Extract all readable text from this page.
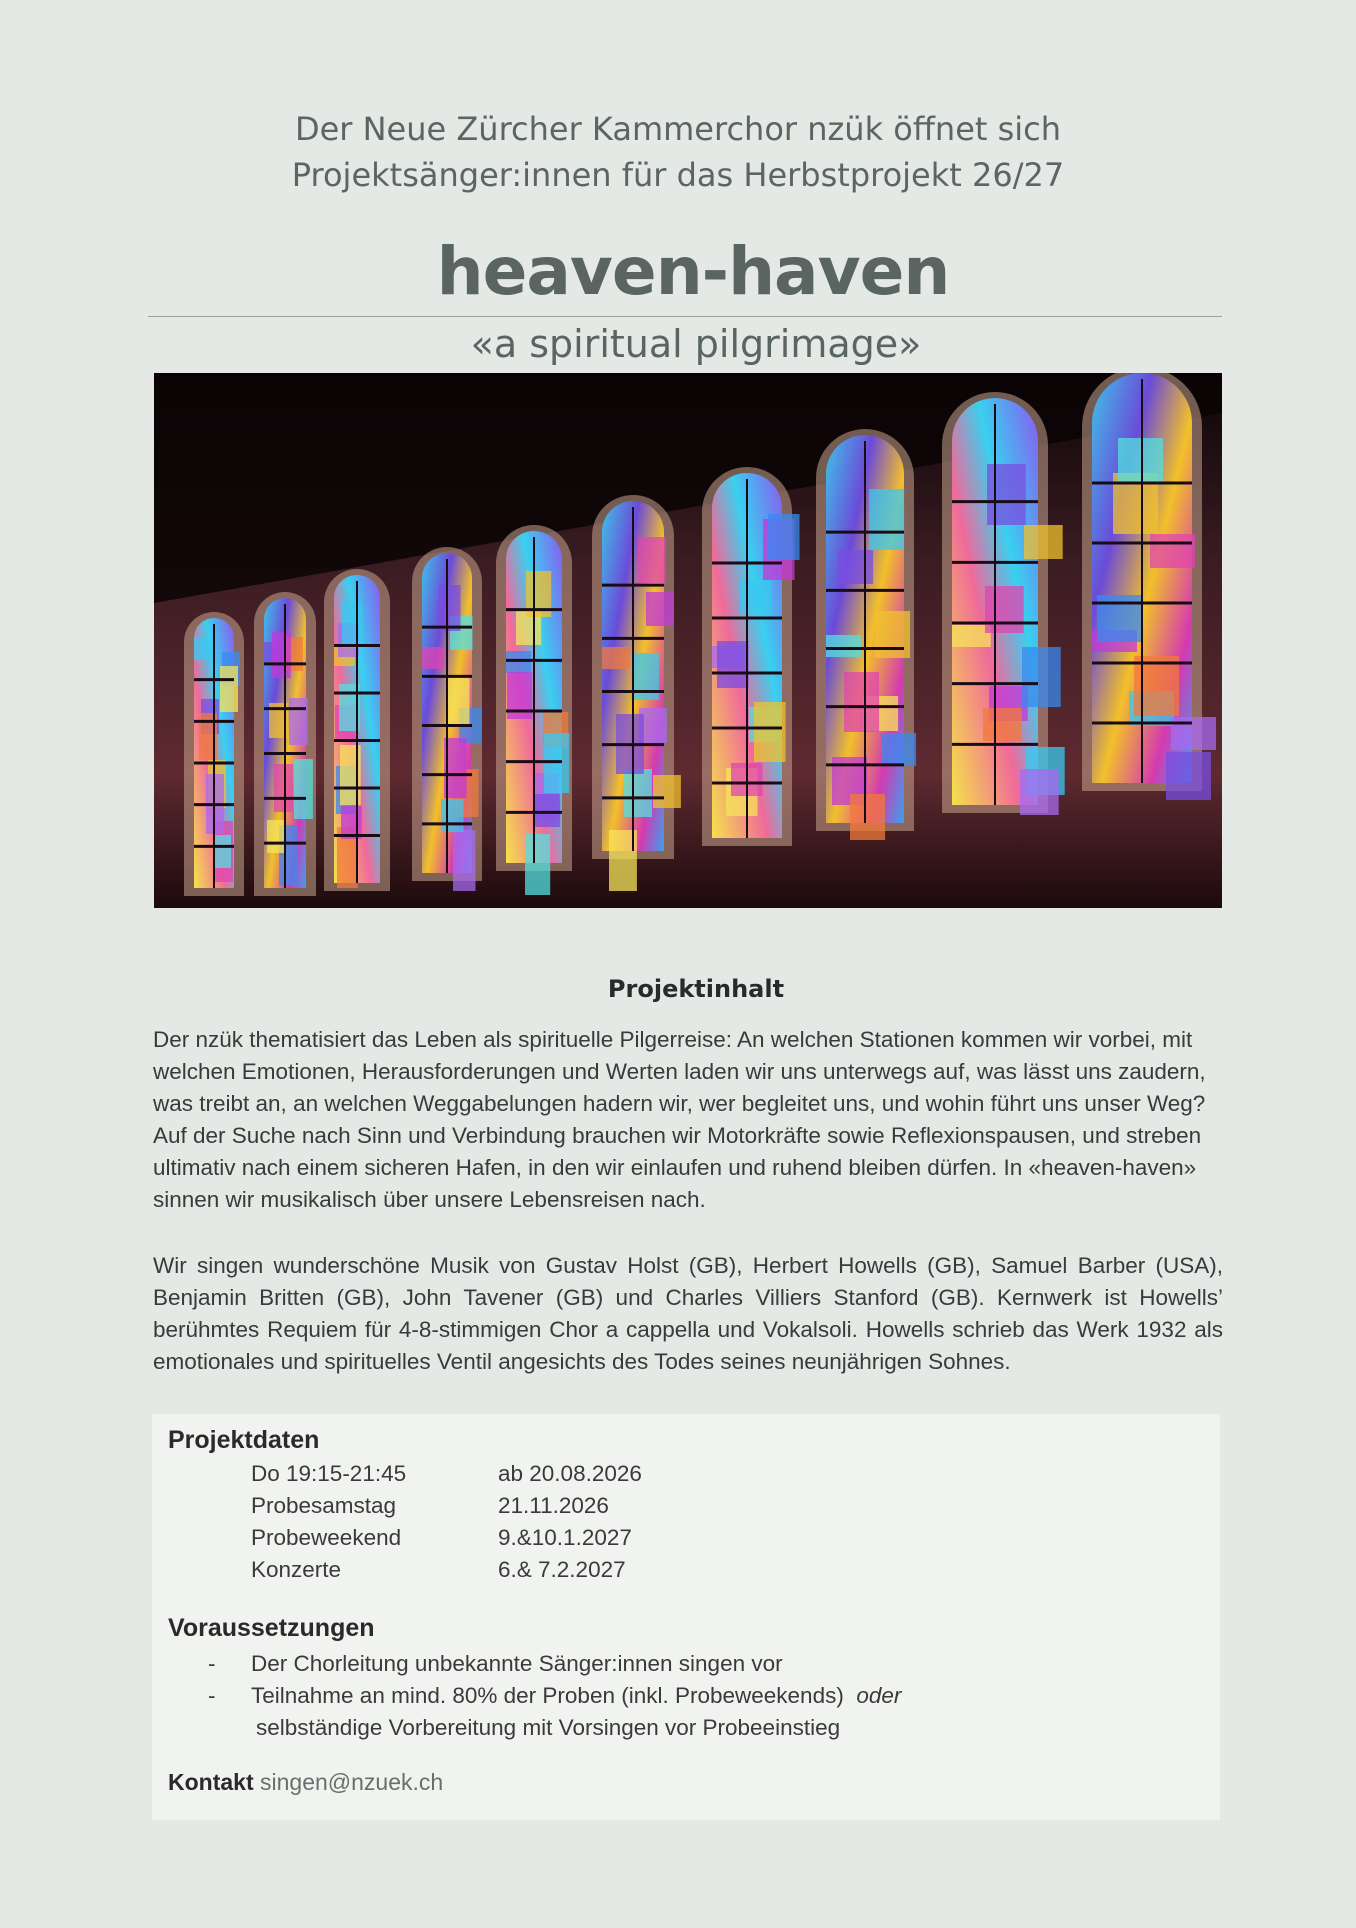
Der Neue Zürcher Kammerchor nzük öffnet sich
Projektsänger:innen für das Herbstprojekt 26/27
heaven-haven
«a spiritual pilgrimage»
Projektinhalt
Der nzük thematisiert das Leben als spirituelle Pilgerreise: An welchen Stationen kommen wir vorbei, mit welchen Emotionen, Herausforderungen und Werten laden wir uns unterwegs auf, was lässt uns zaudern, was treibt an, an welchen Weggabelungen hadern wir, wer begleitet uns, und wohin führt uns unser Weg? Auf der Suche nach Sinn und Verbindung brauchen wir Motorkräfte sowie Reflexionspausen, und streben ultimativ nach einem sicheren Hafen, in den wir einlaufen und ruhend bleiben dürfen. In «heaven-haven» sinnen wir musikalisch über unsere Lebensreisen nach.
Wir singen wunderschöne Musik von Gustav Holst (GB), Herbert Howells (GB), Samuel Barber (USA), Benjamin Britten (GB), John Tavener (GB) und Charles Villiers Stanford (GB). Kernwerk ist Howells’ berühmtes Requiem für 4-8-stimmigen Chor a cappella und Vokalsoli. Howells schrieb das Werk 1932 als emotionales und spirituelles Ventil angesichts des Todes seines neunjährigen Sohnes.
Projektdaten
Do 19:15-21:45	ab 20.08.2026
Probesamstag	21.11.2026
Probeweekend	9.&10.1.2027
Konzerte	6.& 7.2.2027
Voraussetzungen
- Der Chorleitung unbekannte Sänger:innen singen vor
- Teilnahme an mind. 80% der Proben (inkl. Probeweekends) oder
selbständige Vorbereitung mit Vorsingen vor Probeeinstieg
Kontakt singen@nzuek.ch
